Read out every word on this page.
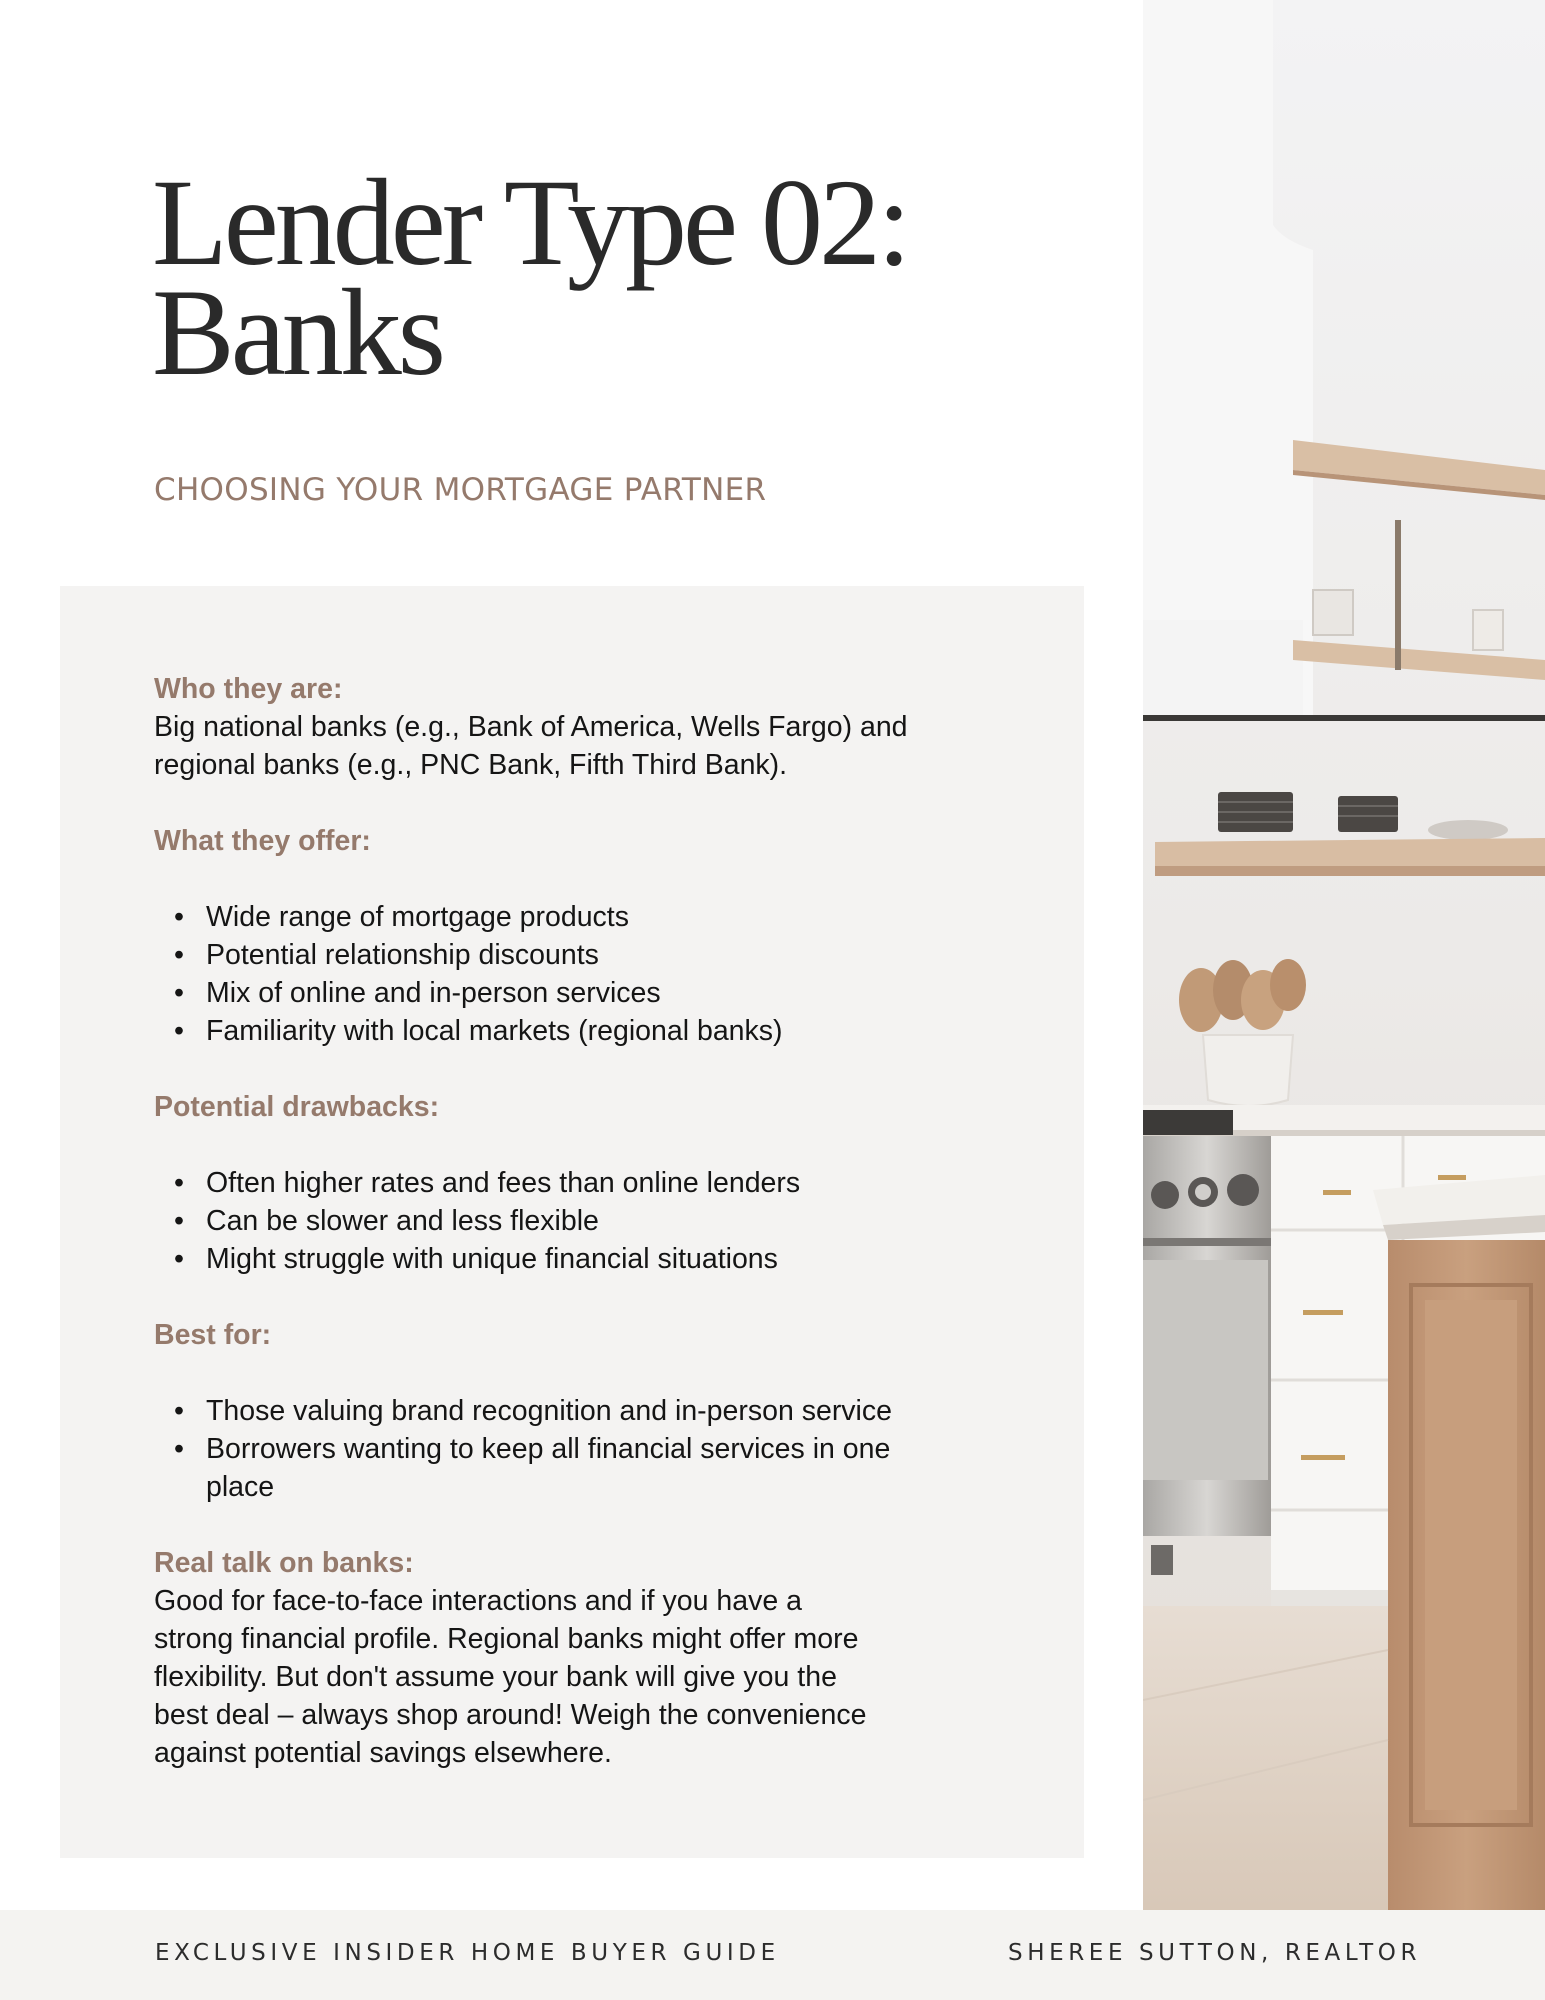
Lender Type 02:
Banks
CHOOSING YOUR MORTGAGE PARTNER

Who they are:

Big national banks (e.g., Bank of America, Wells Fargo) and

regional banks (e.g., PNC Bank, Fifth Third Bank).

What they offer:

• Wide range of mortgage products
• Potential relationship discounts
• Mix of online and in-person services
• Familiarity with local markets (regional banks)

Potential drawbacks:

• Often higher rates and fees than online lenders
• Can be slower and less flexible
• Might struggle with unique financial situations

Best for:

• Those valuing brand recognition and in-person service
• Borrowers wanting to keep all financial services in one place

Real talk on banks:

Good for face-to-face interactions and if you have a

strong financial profile. Regional banks might offer more

flexibility. But don't assume your bank will give you the

best deal – always shop around! Weigh the convenience

against potential savings elsewhere.

EXCLUSIVE INSIDER HOME BUYER GUIDE	SHEREE SUTTON, REALTOR
